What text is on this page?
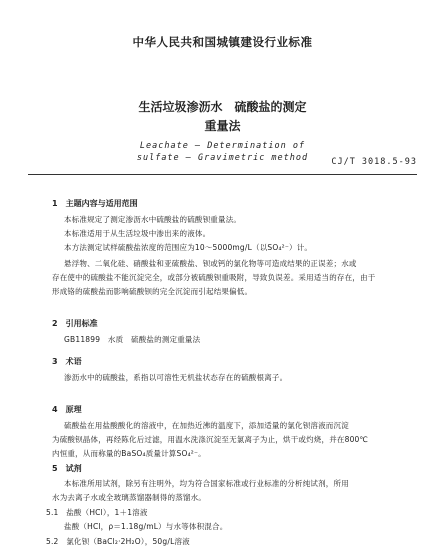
中华人民共和国城镇建设行业标准
生活垃圾渗沥水　硫酸盐的测定
重量法
Leachate — Determination of
sulfate — Gravimetric method	CJ/T 3018.5-93
1　主题内容与适用范围
本标准规定了测定渗沥水中硫酸盐的硫酸钡重量法。
本标准适用于从生活垃圾中渗出来的液体。
本方法测定试样硫酸盐浓度的范围应为10～5000mg/L（以SO₄²⁻）计。
悬浮物、二氧化硅、硝酸盐和亚硫酸盐、钡或钙的氯化物等可造成结果的正误差；水或
存在使中的硫酸盐不能沉淀完全，或部分被硫酸钡重吸附，导致负误差。采用适当的存在，由于
形成铬的硫酸盐而影响硫酸钡的完全沉淀而引起结果偏低。
2　引用标准
GB11899　水质　硫酸盐的测定重量法
3　术语
渗沥水中的硫酸盐，系指以可溶性无机盐状态存在的硫酸根离子。
4　原理
硫酸盐在用盐酸酸化的溶液中，在加热近沸的温度下，添加适量的氯化钡溶液而沉淀
为硫酸钡晶体，再经陈化后过滤，用温水洗涤沉淀至无氯离子为止，烘干或灼烧，并在800℃
内恒重，从而称量的BaSO₄质量计算SO₄²⁻。
5　试剂
本标准所用试剂，除另有注明外，均为符合国家标准或行业标准的分析纯试剂，所用
水为去离子水或全玻璃蒸馏器制得的蒸馏水。
5.1　盐酸（HCl），1＋1溶液
盐酸（HCl，ρ＝1.18g/mL）与水等体积混合。
5.2　氯化钡（BaCl₂·2H₂O），50g/L溶液
